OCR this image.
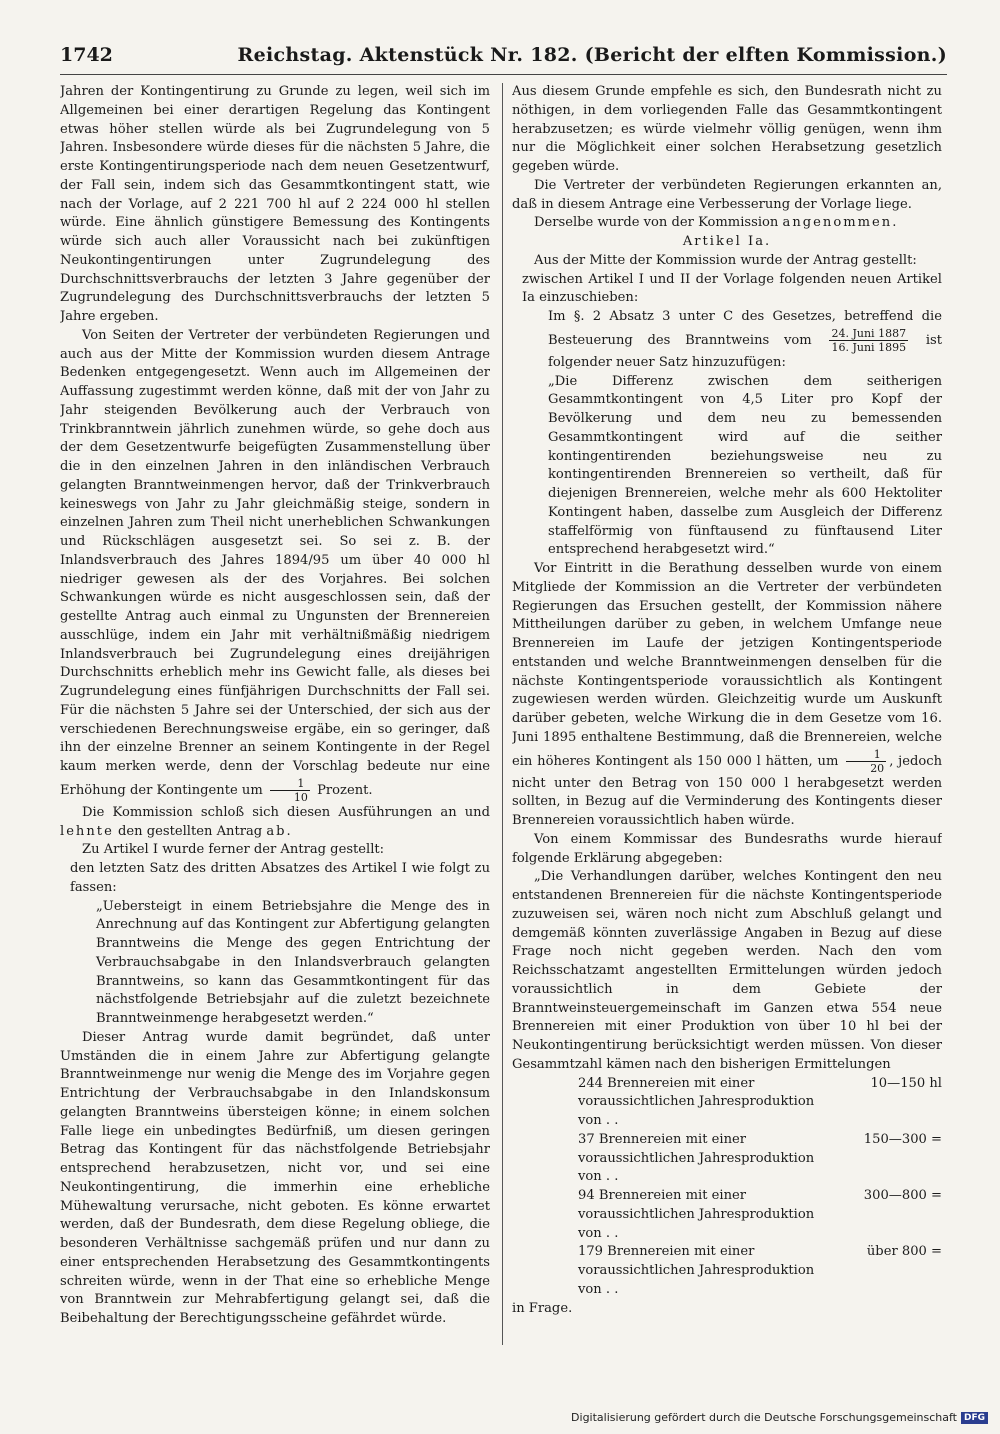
1742	Reichstag. Aktenstück Nr. 182. (Bericht der elften Kommission.)

Jahren der Kontingentirung zu Grunde zu legen, weil sich im Allgemeinen bei einer derartigen Regelung das Kontingent etwas höher stellen würde als bei Zugrundelegung von 5 Jahren. Insbesondere würde dieses für die nächsten 5 Jahre, die erste Kontingentirungsperiode nach dem neuen Gesetzentwurf, der Fall sein, indem sich das Gesammtkontingent statt, wie nach der Vorlage, auf 2 221 700 hl auf 2 224 000 hl stellen würde. Eine ähnlich günstigere Bemessung des Kontingents würde sich auch aller Voraussicht nach bei zukünftigen Neukontingentirungen unter Zugrundelegung des Durchschnittsverbrauchs der letzten 3 Jahre gegenüber der Zugrundelegung des Durchschnittsverbrauchs der letzten 5 Jahre ergeben.

Von Seiten der Vertreter der verbündeten Regierungen und auch aus der Mitte der Kommission wurden diesem Antrage Bedenken entgegengesetzt. Wenn auch im Allgemeinen der Auffassung zugestimmt werden könne, daß mit der von Jahr zu Jahr steigenden Bevölkerung auch der Verbrauch von Trinkbranntwein jährlich zunehmen würde, so gehe doch aus der dem Gesetzentwurfe beigefügten Zusammenstellung über die in den einzelnen Jahren in den inländischen Verbrauch gelangten Branntweinmengen hervor, daß der Trinkverbrauch keineswegs von Jahr zu Jahr gleichmäßig steige, sondern in einzelnen Jahren zum Theil nicht unerheblichen Schwankungen und Rückschlägen ausgesetzt sei. So sei z. B. der Inlandsverbrauch des Jahres 1894/95 um über 40 000 hl niedriger gewesen als der des Vorjahres. Bei solchen Schwankungen würde es nicht ausgeschlossen sein, daß der gestellte Antrag auch einmal zu Ungunsten der Brennereien ausschlüge, indem ein Jahr mit verhältnißmäßig niedrigem Inlandsverbrauch bei Zugrundelegung eines dreijährigen Durchschnitts erheblich mehr ins Gewicht falle, als dieses bei Zugrundelegung eines fünfjährigen Durchschnitts der Fall sei. Für die nächsten 5 Jahre sei der Unterschied, der sich aus der verschiedenen Berechnungsweise ergäbe, ein so geringer, daß ihn der einzelne Brenner an seinem Kontingente in der Regel kaum merken werde, denn der Vorschlag bedeute nur eine Erhöhung der Kontingente um $\frac{1}{10}$ Prozent.

Die Kommission schloß sich diesen Ausführungen an und lehnte den gestellten Antrag ab.

Zu Artikel I wurde ferner der Antrag gestellt:

den letzten Satz des dritten Absatzes des Artikel I wie folgt zu fassen:

„Uebersteigt in einem Betriebsjahre die Menge des in Anrechnung auf das Kontingent zur Abfertigung gelangten Branntweins die Menge des gegen Entrichtung der Verbrauchsabgabe in den Inlandsverbrauch gelangten Branntweins, so kann das Gesammtkontingent für das nächstfolgende Betriebsjahr auf die zuletzt bezeichnete Branntweinmenge herabgesetzt werden.“

Dieser Antrag wurde damit begründet, daß unter Umständen die in einem Jahre zur Abfertigung gelangte Branntweinmenge nur wenig die Menge des im Vorjahre gegen Entrichtung der Verbrauchsabgabe in den Inlandskonsum gelangten Branntweins übersteigen könne; in einem solchen Falle liege ein unbedingtes Bedürfniß, um diesen geringen Betrag das Kontingent für das nächstfolgende Betriebsjahr entsprechend herabzusetzen, nicht vor, und sei eine Neukontingentirung, die immerhin eine erhebliche Mühewaltung verursache, nicht geboten. Es könne erwartet werden, daß der Bundesrath, dem diese Regelung obliege, die besonderen Verhältnisse sachgemäß prüfen und nur dann zu einer entsprechenden Herabsetzung des Gesammtkontingents schreiten würde, wenn in der That eine so erhebliche Menge von Branntwein zur Mehrabfertigung gelangt sei, daß die Beibehaltung der Berechtigungsscheine gefährdet würde.

Aus diesem Grunde empfehle es sich, den Bundesrath nicht zu nöthigen, in dem vorliegenden Falle das Gesammtkontingent herabzusetzen; es würde vielmehr völlig genügen, wenn ihm nur die Möglichkeit einer solchen Herabsetzung gesetzlich gegeben würde.

Die Vertreter der verbündeten Regierungen erkannten an, daß in diesem Antrage eine Verbesserung der Vorlage liege.

Derselbe wurde von der Kommission angenommen.

Artikel Ia.

Aus der Mitte der Kommission wurde der Antrag gestellt:

zwischen Artikel I und II der Vorlage folgenden neuen Artikel Ia einzuschieben:

Im §. 2 Absatz 3 unter C des Gesetzes, betreffend die Besteuerung des Branntweins vom $\frac{\text{24. Juni 1887}}{\text{16. Juni 1895}}$ ist folgender neuer Satz hinzuzufügen:

„Die Differenz zwischen dem seitherigen Gesammtkontingent von 4,5 Liter pro Kopf der Bevölkerung und dem neu zu bemessenden Gesammtkontingent wird auf die seither kontingentirenden beziehungsweise neu zu kontingentirenden Brennereien so vertheilt, daß für diejenigen Brennereien, welche mehr als 600 Hektoliter Kontingent haben, dasselbe zum Ausgleich der Differenz staffelförmig von fünftausend zu fünftausend Liter entsprechend herabgesetzt wird.“

Vor Eintritt in die Berathung desselben wurde von einem Mitgliede der Kommission an die Vertreter der verbündeten Regierungen das Ersuchen gestellt, der Kommission nähere Mittheilungen darüber zu geben, in welchem Umfange neue Brennereien im Laufe der jetzigen Kontingentsperiode entstanden und welche Branntweinmengen denselben für die nächste Kontingentsperiode voraussichtlich als Kontingent zugewiesen werden würden. Gleichzeitig wurde um Auskunft darüber gebeten, welche Wirkung die in dem Gesetze vom 16. Juni 1895 enthaltene Bestimmung, daß die Brennereien, welche ein höheres Kontingent als 150 000 l hätten, um $\frac{1}{20}$ , jedoch nicht unter den Betrag von 150 000 l herabgesetzt werden sollten, in Bezug auf die Verminderung des Kontingents dieser Brennereien voraussichtlich haben würde.

Von einem Kommissar des Bundesraths wurde hierauf folgende Erklärung abgegeben:

„Die Verhandlungen darüber, welches Kontingent den neu entstandenen Brennereien für die nächste Kontingentsperiode zuzuweisen sei, wären noch nicht zum Abschluß gelangt und demgemäß könnten zuverlässige Angaben in Bezug auf diese Frage noch nicht gegeben werden. Nach den vom Reichsschatzamt angestellten Ermittelungen würden jedoch voraussichtlich in dem Gebiete der Branntweinsteuergemeinschaft im Ganzen etwa 554 neue Brennereien mit einer Produktion von über 10 hl bei der Neukontingentirung berücksichtigt werden müssen. Von dieser Gesammtzahl kämen nach den bisherigen Ermittelungen

244 Brennereien mit einer voraussichtlichen Jahresproduktion von . .
10—150 hl
37 Brennereien mit einer voraussichtlichen Jahresproduktion von . .
150—300 =
94 Brennereien mit einer voraussichtlichen Jahresproduktion von . .
300—800 =
179 Brennereien mit einer voraussichtlichen Jahresproduktion von . .
über 800 =

in Frage.

Digitalisierung gefördert durch die Deutsche Forschungsgemeinschaft DFG
